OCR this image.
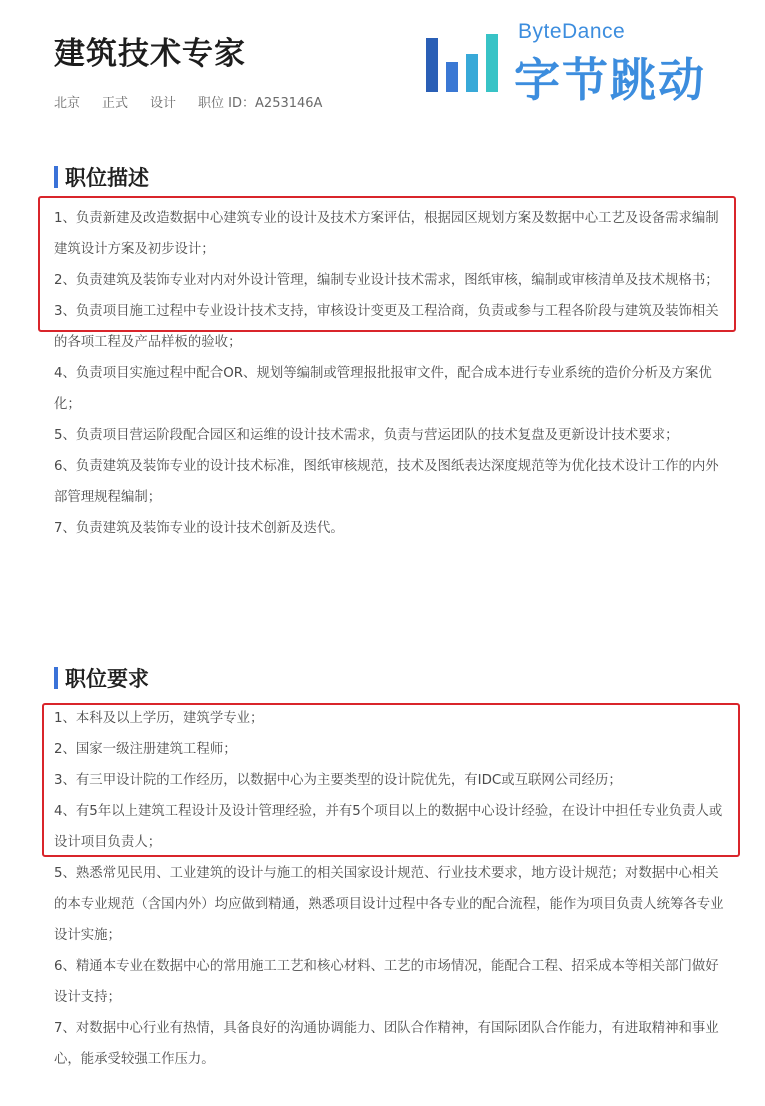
建筑技术专家
北京 正式 设计 职位 ID：A253146A
ByteDance
字节跳动
职位描述
1、负责新建及改造数据中心建筑专业的设计及技术方案评估，根据园区规划方案及数据中心工艺及设备需求编制建筑设计方案及初步设计；
2、负责建筑及装饰专业对内对外设计管理，编制专业设计技术需求，图纸审核，编制或审核清单及技术规格书；
3、负责项目施工过程中专业设计技术支持，审核设计变更及工程洽商，负责或参与工程各阶段与建筑及装饰相关的各项工程及产品样板的验收；
4、负责项目实施过程中配合OR、规划等编制或管理报批报审文件，配合成本进行专业系统的造价分析及方案优化；
5、负责项目营运阶段配合园区和运维的设计技术需求，负责与营运团队的技术复盘及更新设计技术要求；
6、负责建筑及装饰专业的设计技术标准，图纸审核规范，技术及图纸表达深度规范等为优化技术设计工作的内外部管理规程编制；
7、负责建筑及装饰专业的设计技术创新及迭代。
职位要求
1、本科及以上学历，建筑学专业；
2、国家一级注册建筑工程师；
3、有三甲设计院的工作经历，以数据中心为主要类型的设计院优先，有IDC或互联网公司经历；
4、有5年以上建筑工程设计及设计管理经验，并有5个项目以上的数据中心设计经验，在设计中担任专业负责人或设计项目负责人；
5、熟悉常见民用、工业建筑的设计与施工的相关国家设计规范、行业技术要求，地方设计规范；对数据中心相关的本专业规范（含国内外）均应做到精通，熟悉项目设计过程中各专业的配合流程，能作为项目负责人统筹各专业设计实施；
6、精通本专业在数据中心的常用施工工艺和核心材料、工艺的市场情况，能配合工程、招采成本等相关部门做好设计支持；
7、对数据中心行业有热情，具备良好的沟通协调能力、团队合作精神，有国际团队合作能力，有进取精神和事业心，能承受较强工作压力。
